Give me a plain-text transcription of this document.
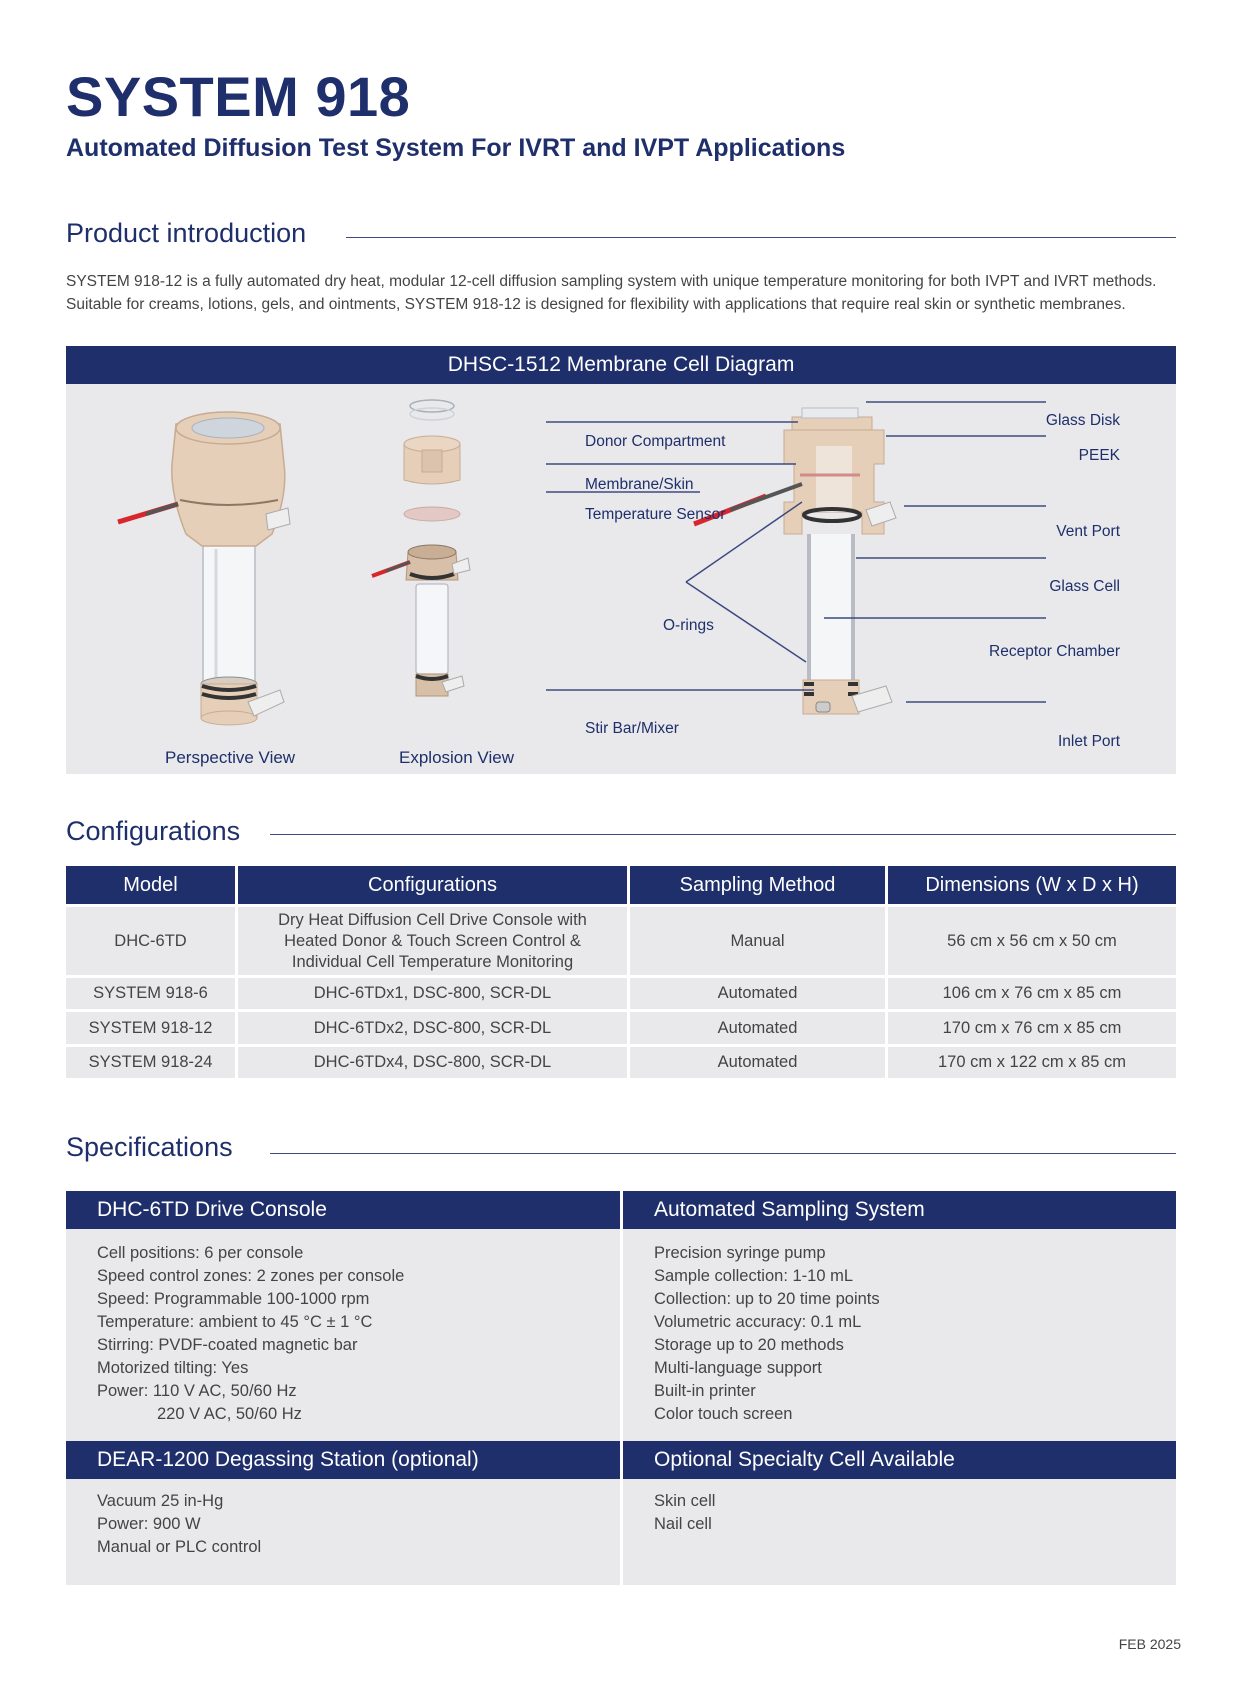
SYSTEM 918
Automated Diffusion Test System For IVRT and IVPT Applications
Product introduction

SYSTEM 918-12 is a fully automated dry heat, modular 12-cell diffusion sampling system with unique temperature monitoring for both IVPT and IVRT methods.

Suitable for creams, lotions, gels, and ointments, SYSTEM 918-12 is designed for flexibility with applications that require real skin or synthetic membranes.

DHSC-1512 Membrane Cell Diagram
Perspective View	Explosion View
Donor Compartment
Membrane/Skin
Temperature Sensor
O-rings
Stir Bar/Mixer
Glass Disk
PEEK
Vent Port
Glass Cell
Receptor Chamber
Inlet Port
Configurations
Model	Configurations	Sampling Method	Dimensions (W x D x H)
DHC-6TD	Dry Heat Diffusion Cell Drive Console with
Heated Donor & Touch Screen Control &
Individual Cell Temperature Monitoring	Manual	56 cm x 56 cm x 50 cm
SYSTEM 918-6	DHC-6TDx1, DSC-800, SCR-DL	Automated	106 cm x 76 cm x 85 cm
SYSTEM 918-12	DHC-6TDx2, DSC-800, SCR-DL	Automated	170 cm x 76 cm x 85 cm
SYSTEM 918-24	DHC-6TDx4, DSC-800, SCR-DL	Automated	170 cm x 122 cm x 85 cm
Specifications
DHC-6TD Drive Console	Automated Sampling System
Cell positions: 6 per console
Speed control zones: 2 zones per console
Speed: Programmable 100-1000 rpm
Temperature: ambient to 45 °C ± 1 °C
Stirring: PVDF-coated magnetic bar
Motorized tilting: Yes
Power: 110 V AC, 50/60 Hz
220 V AC, 50/60 Hz
Precision syringe pump
Sample collection: 1-10 mL
Collection: up to 20 time points
Volumetric accuracy: 0.1 mL
Storage up to 20 methods
Multi-language support
Built-in printer
Color touch screen
DEAR-1200 Degassing Station (optional)	Optional Specialty Cell Available
Vacuum 25 in-Hg
Power: 900 W
Manual or PLC control
Skin cell
Nail cell
FEB 2025
